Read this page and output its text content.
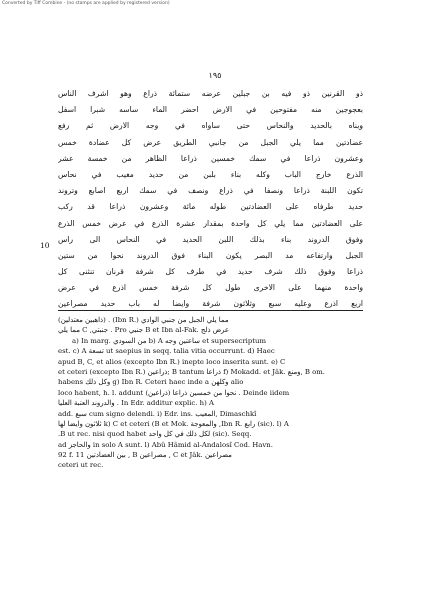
Converted by Tiff Combine - (no stamps are applied by registered version)
١٩٥
ذو القرنين ذو فيه بن جبلين عرضه ستمائة ذراع وهو اشرف الناس
بعجوجين منه مفتوحين في الارض احضر الماء ساسه شبرا اسفل
وبناه بالحديد والنحاس حتى ساواه في وجه الارض ثم رفع
عضادتين مما يلي الجبل من جانبي الطريق عرض كل عضادة خمس
وعشرون ذراعا في سمك خمسين ذراعا الظاهر من خمسة عشر
الذرع خارج الباب وكله بناء بلبن من حديد مغيب في نحاس
تكون اللبنة ذراعا ونصفا في ذراع ونصف في سمك اربع اصابع وتروند
حديد طرفاه على العضادتين طوله مائة وعشرون ذراعا قد ركب
على العضادتين مما يلي كل واحدة بمقدار عشرة الذرع في عرض خمس الذرع
وفوق الدروند بناء بذلك اللبن الحديد في النحاس الى راس
الجبل وارتفاعه مد البصر يكون البناء فوق الدروند نحوا من ستين
ذراعا وفوق ذلك شرف حديد في طرف كل شرفة قرنان تنثنى كل
واحدة منهما على الاخرى طول كل شرفة خمس اذرع في عرض
اربع اذرع وعليه سبع وثلاثون شرفة وايضا له باب حديد مصراعين
10
(ذاهبين معتدلين) . (Ibn R.) مما يلي الجبل من جنبي الوادي
مما يلي C ,جنبتي . Pro جنبي B et Ibn al-Fak. عرض ذلج
a) In marg. من السودي b) A ساعتين وجه et supersecriptum
est. c) A تسعة ut saepius in seqq. talia vitia occurrunt. d) Haec
apud B, C, et alios (excepto Ibn R.) inepte loco inserita sunt. e) C
et ceteri (excepto Ibn R.) ذراعين; B tantum ذراعا f) Mokadd. et Jâk. ومنع, B om.
habens وكل ذلك g) Ibn R. Ceteri haec inde a وكلهن alio
loco habent, h. l. addunt نحوا من خمسين ذراعا (ذراعين) . Deinde iidem
والدروند العتبة العليا . In Edr. additur explic. h) A
add. سبع cum signo delendi. i) Edr. ins. المعيب, Dimaschkî
ثلاثون وايضا لها k) C et ceteri (B et Mok. والمعوجة ,Ibn R. رابع (sic). l) A
.B ut rec. nisi quod habet لكل ذلك في كل واحد (sic). Seqq.
ad والحاجز in solo A sunt. l) Abû Hâmid al-Andalosî Cod. Havn.
92 f. 11 بين العضادتين , B مصراعين , C et Jâk. مصراعين
ceteri ut rec.
